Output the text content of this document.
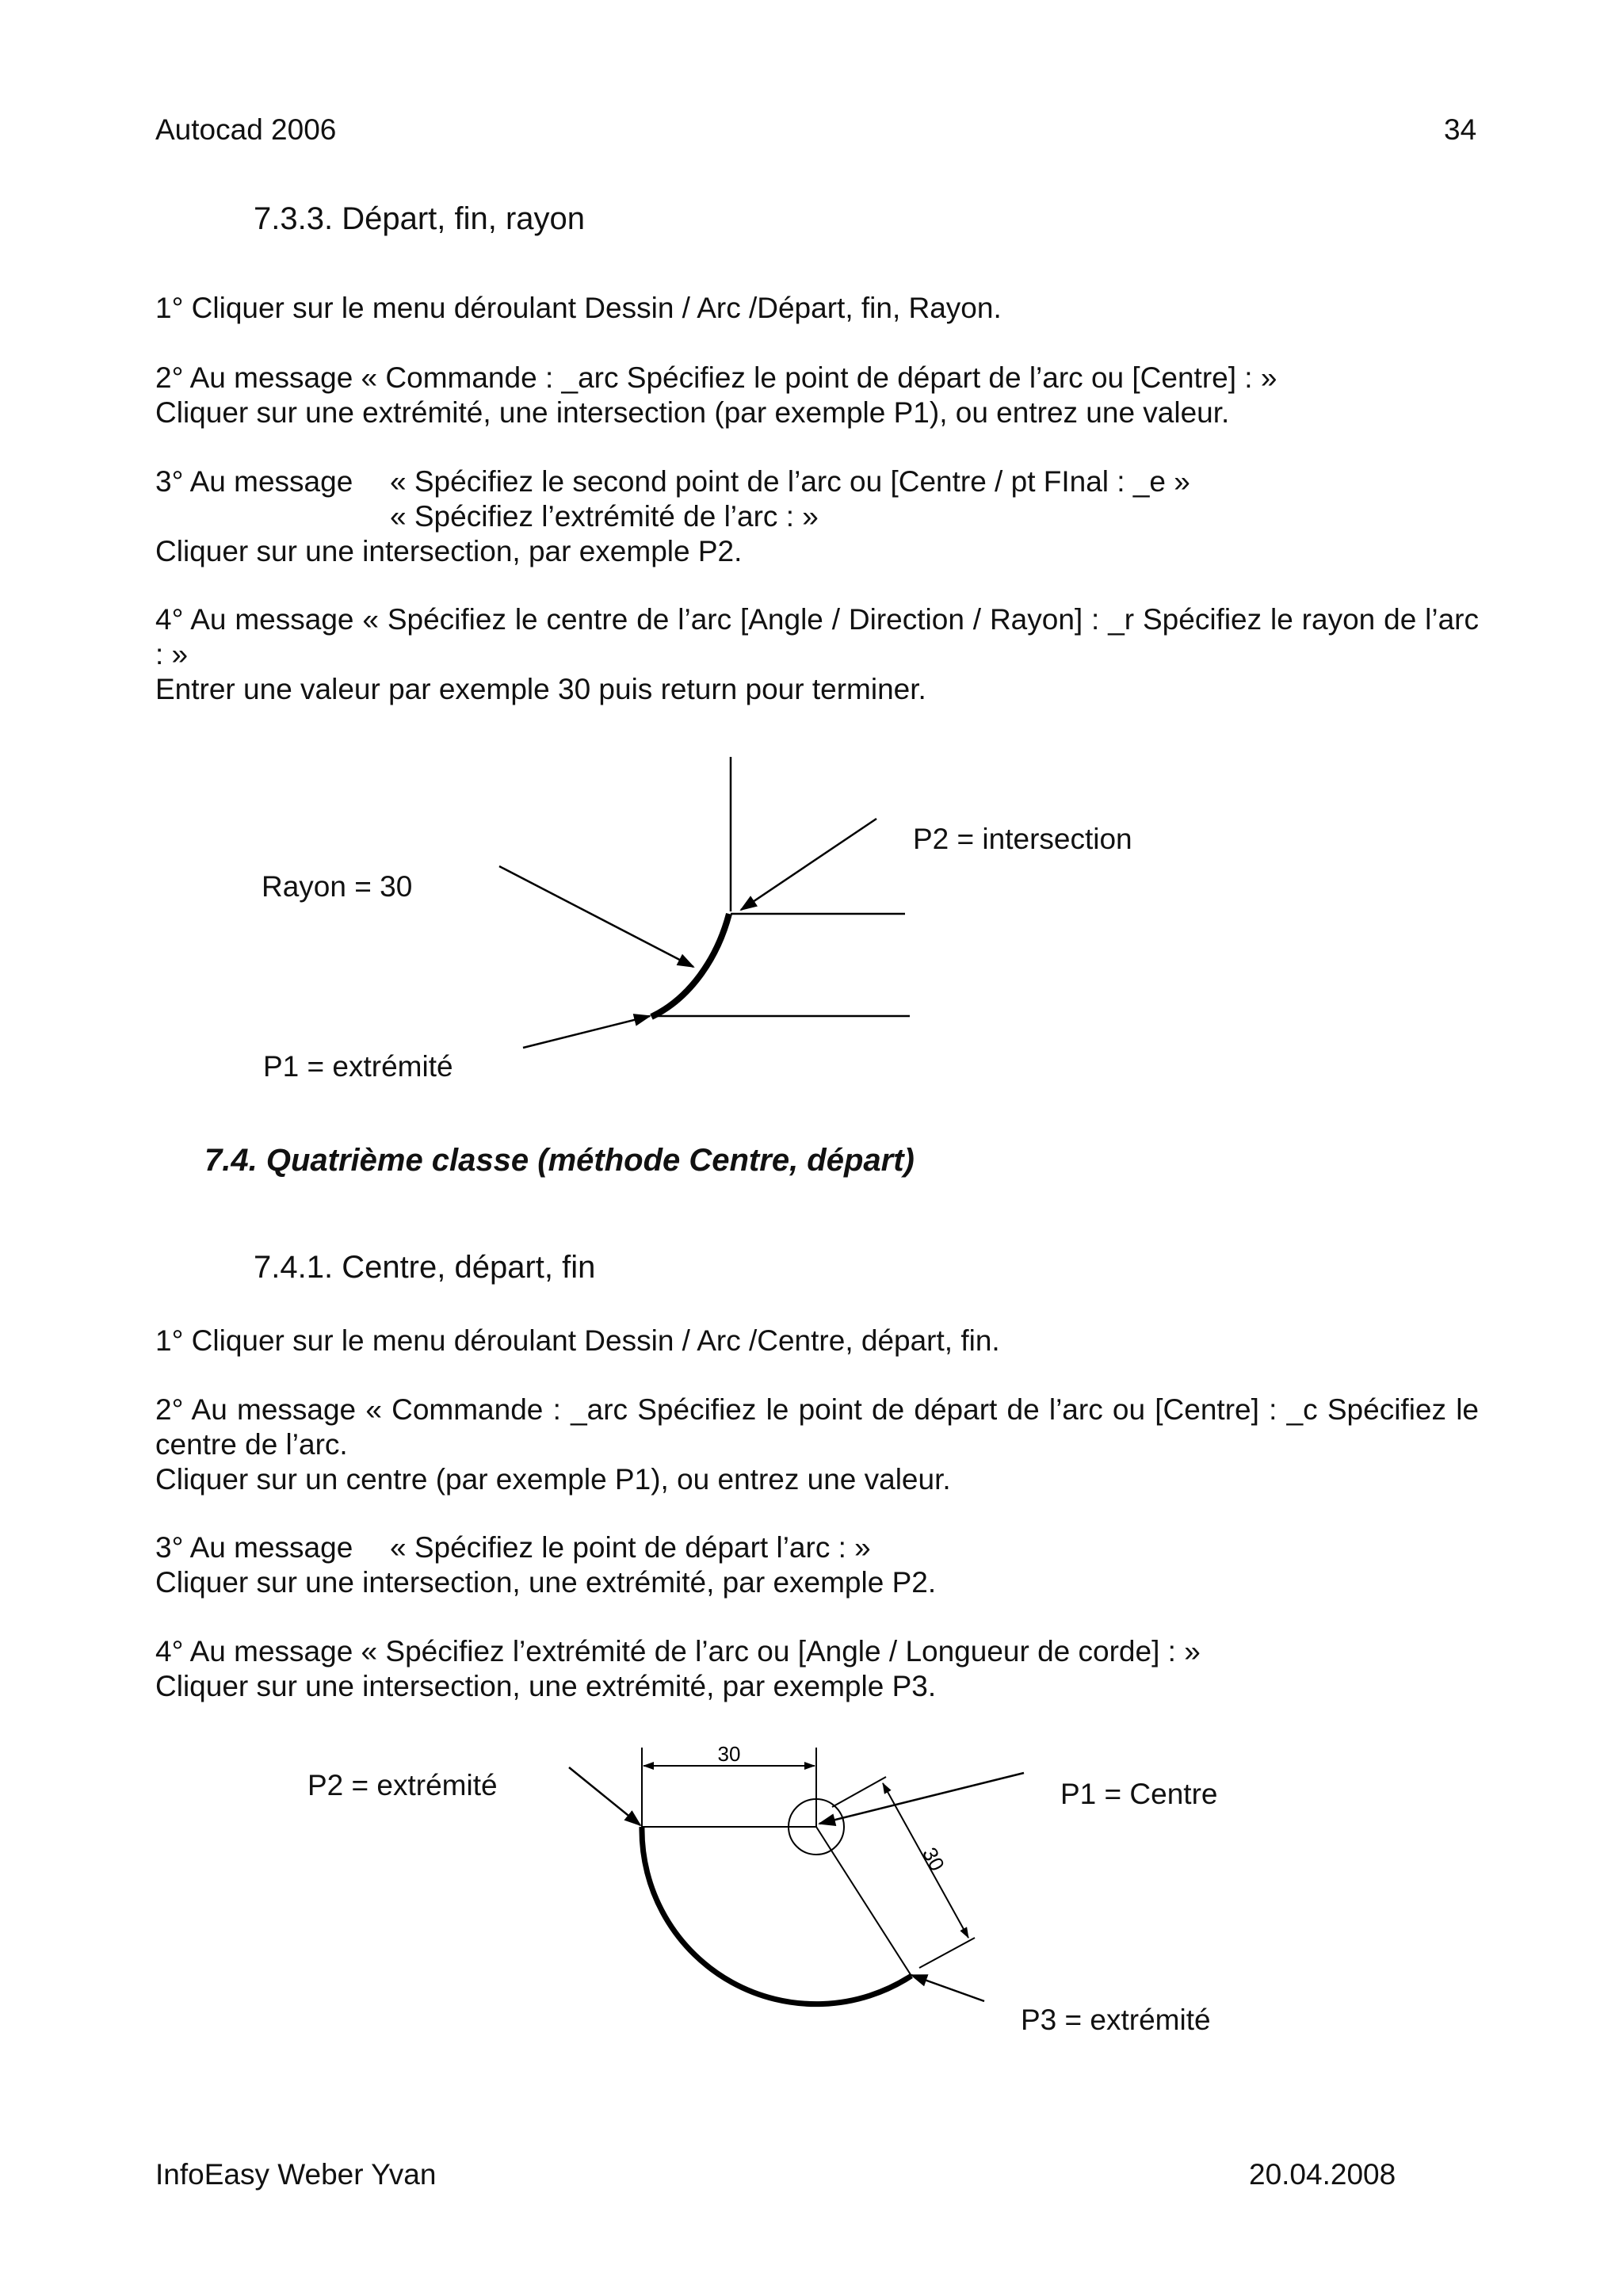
Autocad 2006	34
7.3.3. Départ, fin, rayon
1° Cliquer sur le menu déroulant Dessin / Arc /Départ, fin, Rayon.
2° Au message « Commande : _arc Spécifiez le point de départ de l’arc ou [Centre] : »
Cliquer sur une extrémité, une intersection (par exemple P1), ou entrez une valeur.
3° Au message « Spécifiez le second point de l’arc ou [Centre / pt FInal : _e »
« Spécifiez l’extrémité de l’arc : »
Cliquer sur une intersection, par exemple P2.
4° Au message « Spécifiez le centre de l’arc [Angle / Direction / Rayon] : _r Spécifiez le rayon de l’arc : »
Entrer une valeur par exemple 30 puis return pour terminer.
Rayon = 30
P2 = intersection
P1 = extrémité
7.4. Quatrième classe (méthode Centre, départ)
7.4.1. Centre, départ, fin
1° Cliquer sur le menu déroulant Dessin / Arc /Centre, départ, fin.
2° Au message « Commande : _arc Spécifiez le point de départ de l’arc ou [Centre] : _c Spécifiez le centre de l’arc.
Cliquer sur un centre (par exemple P1), ou entrez une valeur.
3° Au message « Spécifiez le point de départ l’arc : »
Cliquer sur une intersection, une extrémité, par exemple P2.
4° Au message « Spécifiez l’extrémité de l’arc ou [Angle / Longueur de corde] : »
Cliquer sur une intersection, une extrémité, par exemple P3.
30
30
P2 = extrémité	P1 = Centre
P3 = extrémité
InfoEasy Weber Yvan	20.04.2008
